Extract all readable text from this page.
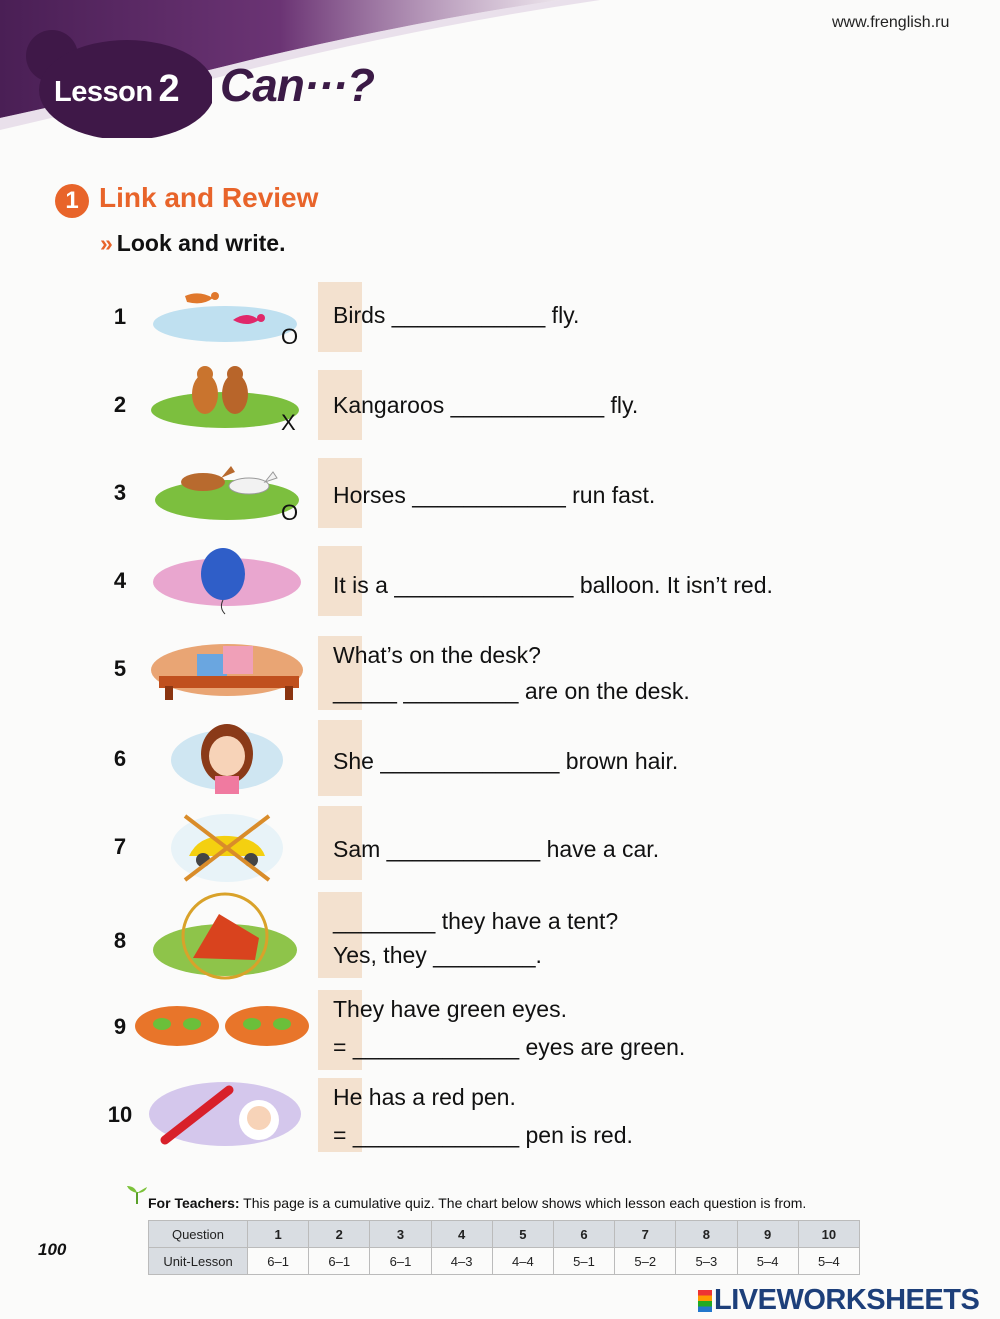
Lesson 2 Can···?
www.frenglish.ru
1 Link and Review
» Look and write.
1	Birds ____________ fly.
O
2	Kangaroos ____________ fly.
X
3	Horses ____________ run fast.
O
4	It is a ______________ balloon. It isn’t red.
5
What’s on the desk?
_____ _________ are on the desk.
6	She ______________ brown hair.
7	Sam ____________ have a car.
8
________ they have a tent?
Yes, they ________.
9
They have green eyes.
= _____________ eyes are green.
10
He has a red pen.
= _____________ pen is red.
For Teachers: This page is a cumulative quiz. The chart below shows which lesson each question is from.
Question	1	2	3	4	5	6	7	8	9	10
Unit-Lesson	6–1	6–1	6–1	4–3	4–4	5–1	5–2	5–3	5–4	5–4
100
LIVEWORKSHEETS
